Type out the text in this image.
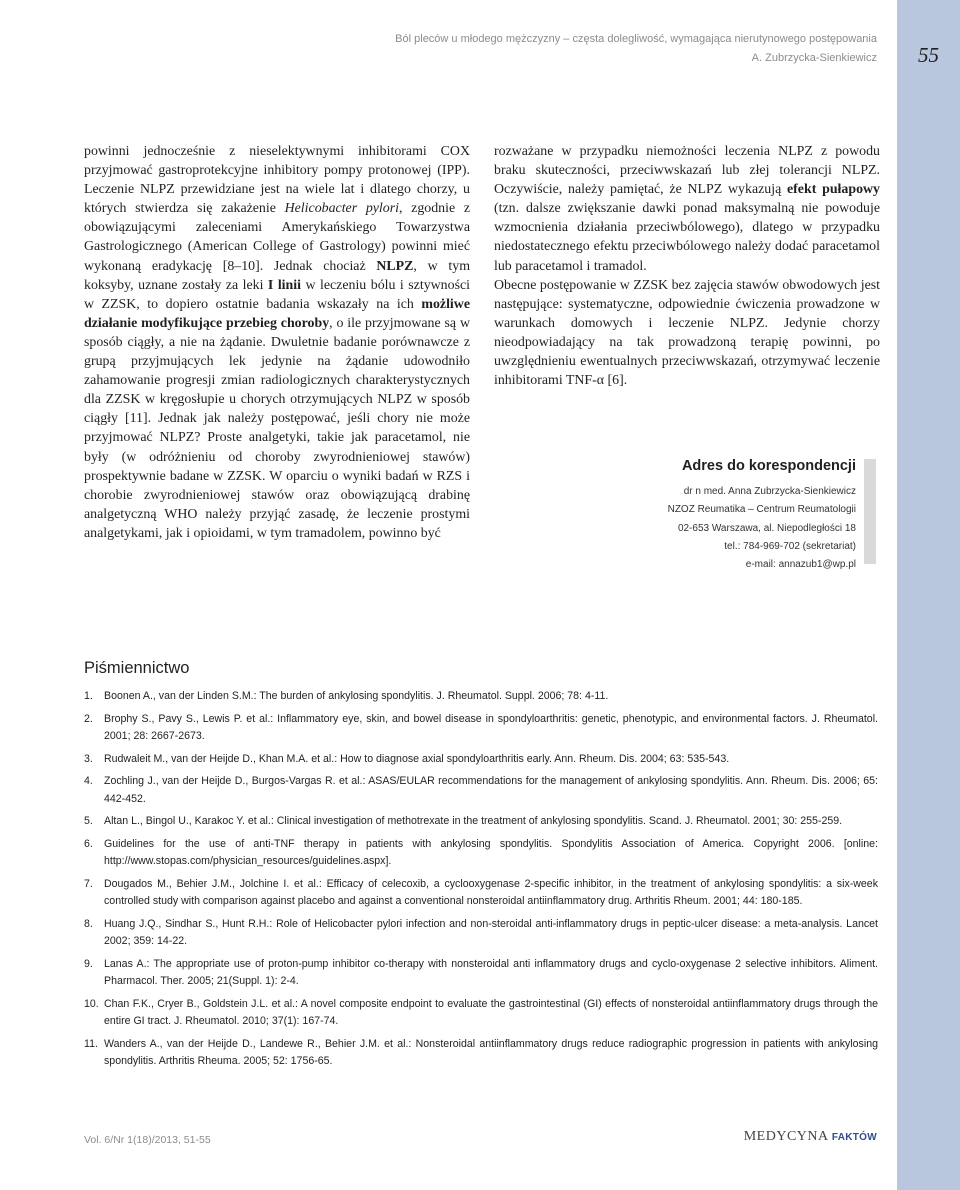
55
Ból pleców u młodego mężczyzny – częsta dolegliwość, wymagająca nierutynowego postępowania
A. Zubrzycka-Sienkiewicz

powinni jednocześnie z nieselektywnymi inhibitorami COX przyjmować gastroprotekcyjne inhibitory pompy protonowej (IPP). Leczenie NLPZ przewidziane jest na wiele lat i dlatego chorzy, u których stwierdza się zakażenie Helicobacter pylori, zgodnie z obowiązującymi zaleceniami Amerykańskiego Towarzystwa Gastrologicznego (American College of Gastrology) powinni mieć wykonaną eradykację [8–10]. Jednak chociaż NLPZ, w tym koksyby, uznane zostały za leki I linii w leczeniu bólu i sztywności w ZZSK, to dopiero ostatnie badania wskazały na ich możliwe działanie modyfikujące przebieg choroby, o ile przyjmowane są w sposób ciągły, a nie na żądanie. Dwuletnie badanie porównawcze z grupą przyjmujących lek jedynie na żądanie udowodniło zahamowanie progresji zmian radiologicznych charakterystycznych dla ZZSK w kręgosłupie u chorych otrzymujących NLPZ w sposób ciągły [11]. Jednak jak należy postępować, jeśli chory nie może przyjmować NLPZ? Proste analgetyki, takie jak paracetamol, nie były (w odróżnieniu od choroby zwyrodnieniowej stawów) prospektywnie badane w ZZSK. W oparciu o wyniki badań w RZS i chorobie zwyrodnieniowej stawów oraz obowiązującą drabinę analgetyczną WHO należy przyjąć zasadę, że leczenie prostymi analgetykami, jak i opioidami, w tym tramadolem, powinno być

rozważane w przypadku niemożności leczenia NLPZ z powodu braku skuteczności, przeciwwskazań lub złej tolerancji NLPZ. Oczywiście, należy pamiętać, że NLPZ wykazują efekt pułapowy (tzn. dalsze zwiększanie dawki ponad maksymalną nie powoduje wzmocnienia działania przeciwbólowego), dlatego w przypadku niedostatecznego efektu przeciwbólowego należy dodać paracetamol lub paracetamol i tramadol.

Obecne postępowanie w ZZSK bez zajęcia stawów obwodowych jest następujące: systematyczne, odpowiednie ćwiczenia prowadzone w warunkach domowych i leczenie NLPZ. Jedynie chorzy nieodpowiadający na tak prowadzoną terapię powinni, po uwzględnieniu ewentualnych przeciwwskazań, otrzymywać leczenie inhibitorami TNF-α [6].

Adres do korespondencji
dr n med. Anna Zubrzycka-Sienkiewicz
NZOZ Reumatika – Centrum Reumatologii
02-653 Warszawa, al. Niepodległości 18
tel.: 784-969-702 (sekretariat)
e-mail: annazub1@wp.pl
Piśmiennictwo
1.	Boonen A., van der Linden S.M.: The burden of ankylosing spondylitis. J. Rheumatol. Suppl. 2006; 78: 4-11.
2.	Brophy S., Pavy S., Lewis P. et al.: Inflammatory eye, skin, and bowel disease in spondyloarthritis: genetic, phenotypic, and environmental factors. J. Rheumatol. 2001; 28: 2667-2673.
3.	Rudwaleit M., van der Heijde D., Khan M.A. et al.: How to diagnose axial spondyloarthritis early. Ann. Rheum. Dis. 2004; 63: 535-543.
4.	Zochling J., van der Heijde D., Burgos-Vargas R. et al.: ASAS/EULAR recommendations for the management of ankylosing spondylitis. Ann. Rheum. Dis. 2006; 65: 442-452.
5.	Altan L., Bingol U., Karakoc Y. et al.: Clinical investigation of methotrexate in the treatment of ankylosing spondylitis. Scand. J. Rheumatol. 2001; 30: 255-259.
6.	Guidelines for the use of anti-TNF therapy in patients with ankylosing spondylitis. Spondylitis Association of America. Copyright 2006. [online: http://www.stopas.com/physician_resources/guidelines.aspx].
7.	Dougados M., Behier J.M., Jolchine I. et al.: Efficacy of celecoxib, a cyclooxygenase 2-specific inhibitor, in the treatment of ankylosing spondylitis: a six-week controlled study with comparison against placebo and against a conventional nonsteroidal antiinflammatory drug. Arthritis Rheum. 2001; 44: 180-185.
8.	Huang J.Q., Sindhar S., Hunt R.H.: Role of Helicobacter pylori infection and non-steroidal anti-inflammatory drugs in peptic-ulcer disease: a meta-analysis. Lancet 2002; 359: 14-22.
9.	Lanas A.: The appropriate use of proton-pump inhibitor co-therapy with nonsteroidal anti inflammatory drugs and cyclo-oxygenase 2 selective inhibitors. Aliment. Pharmacol. Ther. 2005; 21(Suppl. 1): 2-4.
10. Chan F.K., Cryer B., Goldstein J.L. et al.: A novel composite endpoint to evaluate the gastrointestinal (GI) effects of nonsteroidal antiinflammatory drugs through the entire GI tract. J. Rheumatol. 2010; 37(1): 167-74.
11. Wanders A., van der Heijde D., Landewe R., Behier J.M. et al.: Nonsteroidal antiinflammatory drugs reduce radiographic progression in patients with ankylosing spondylitis. Arthritis Rheuma. 2005; 52: 1756-65.
Vol. 6/Nr 1(18)/2013, 51-55	MEDYCYNA FAKTÓW
